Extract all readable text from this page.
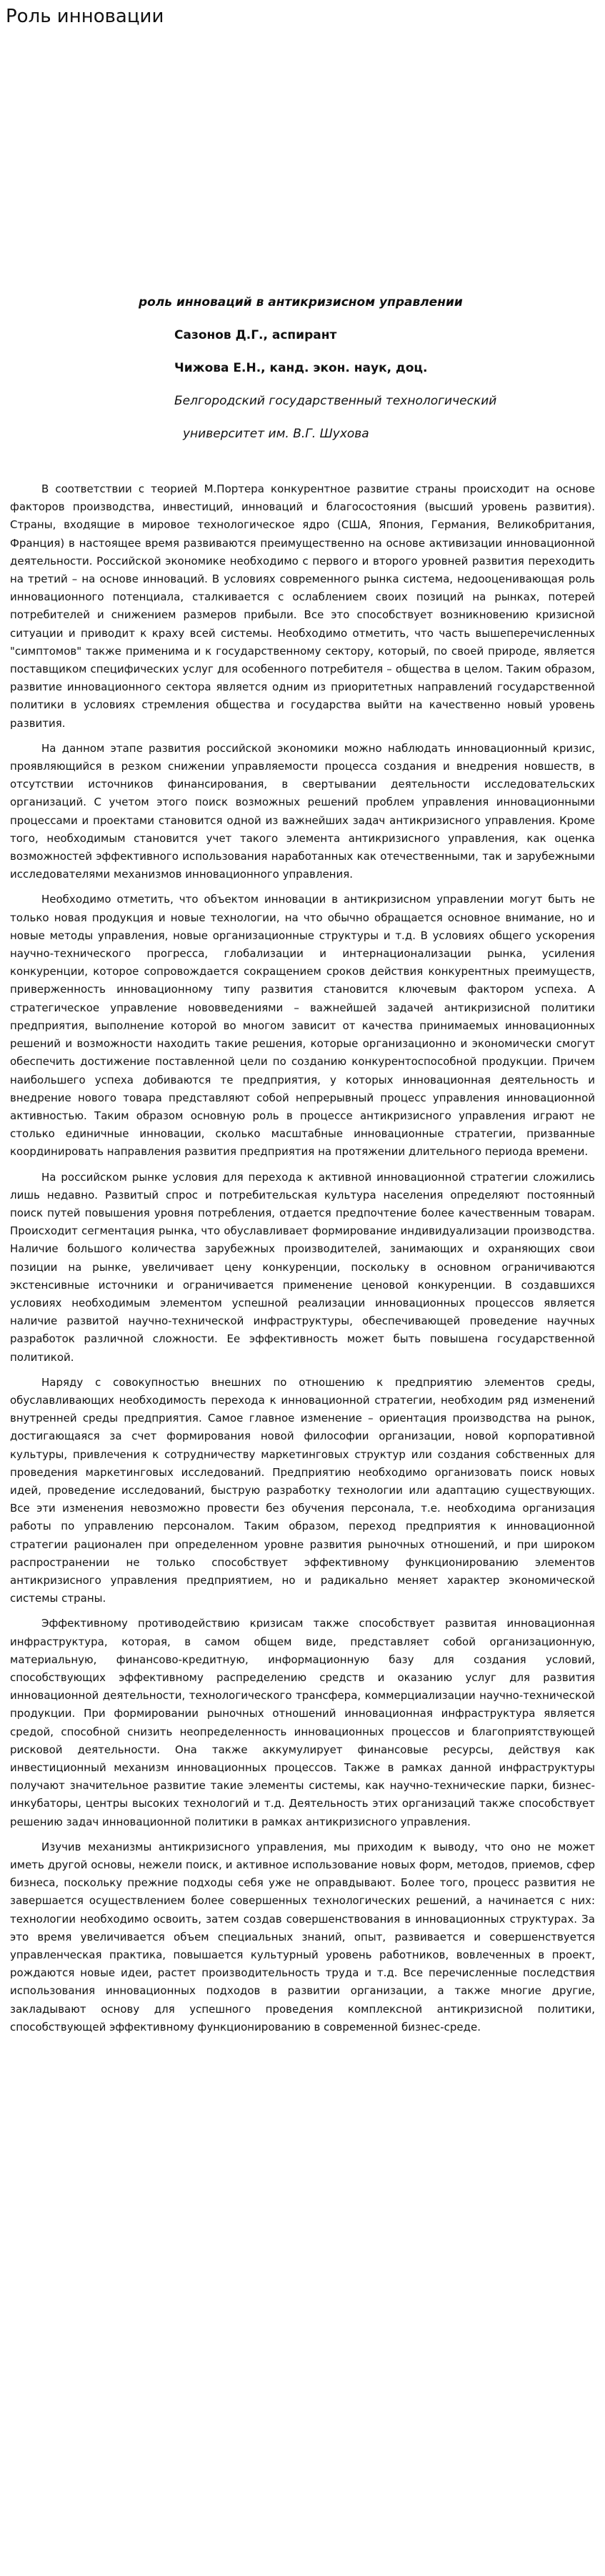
Роль инновации
роль инноваций в антикризисном управлении
Сазонов Д.Г., аспирант
Чижова Е.Н., канд. экон. наук, доц.
Белгородский государственный технологический
университет им. В.Г. Шухова

В соответствии с теорией М.Портера конкурентное развитие страны происходит на основе факторов производства, инвестиций, инноваций и благосостояния (высший уровень развития). Страны, входящие в мировое технологическое ядро (США, Япония, Германия, Великобритания, Франция) в настоящее время развиваются преимущественно на основе активизации инновационной деятельности. Российской экономике необходимо с первого и второго уровней развития переходить на третий – на основе инноваций. В условиях современного рынка система, недооценивающая роль инновационного потенциала, сталкивается с ослаблением своих позиций на рынках, потерей потребителей и снижением размеров прибыли. Все это способствует возникновению кризисной ситуации и приводит к краху всей системы. Необходимо отметить, что часть вышеперечисленных "симптомов" также применима и к государственному сектору, который, по своей природе, является поставщиком специфических услуг для особенного потребителя – общества в целом. Таким образом, развитие инновационного сектора является одним из приоритетных направлений государственной политики в условиях стремления общества и государства выйти на качественно новый уровень развития.

На данном этапе развития российской экономики можно наблюдать инновационный кризис, проявляющийся в резком снижении управляемости процесса создания и внедрения новшеств, в отсутствии источников финансирования, в свертывании деятельности исследовательских организаций. С учетом этого поиск возможных решений проблем управления инновационными процессами и проектами становится одной из важнейших задач антикризисного управления. Кроме того, необходимым становится учет такого элемента антикризисного управления, как оценка возможностей эффективного использования наработанных как отечественными, так и зарубежными исследователями механизмов инновационного управления.

Необходимо отметить, что объектом инновации в антикризисном управлении могут быть не только новая продукция и новые технологии, на что обычно обращается основное внимание, но и новые методы управления, новые организационные структуры и т.д. В условиях общего ускорения научно-технического прогресса, глобализации и интернационализации рынка, усиления конкуренции, которое сопровождается сокращением сроков действия конкурентных преимуществ, приверженность инновационному типу развития становится ключевым фактором успеха. А стратегическое управление нововведениями – важнейшей задачей антикризисной политики предприятия, выполнение которой во многом зависит от качества принимаемых инновационных решений и возможности находить такие решения, которые организационно и экономически смогут обеспечить достижение поставленной цели по созданию конкурентоспособной продукции. Причем наибольшего успеха добиваются те предприятия, у которых инновационная деятельность и внедрение нового товара представляют собой непрерывный процесс управления инновационной активностью. Таким образом основную роль в процессе антикризисного управления играют не столько единичные инновации, сколько масштабные инновационные стратегии, призванные координировать направления развития предприятия на протяжении длительного периода времени.

На российском рынке условия для перехода к активной инновационной стратегии сложились лишь недавно. Развитый спрос и потребительская культура населения определяют постоянный поиск путей повышения уровня потребления, отдается предпочтение более качественным товарам. Происходит сегментация рынка, что обуславливает формирование индивидуализации производства. Наличие большого количества зарубежных производителей, занимающих и охраняющих свои позиции на рынке, увеличивает цену конкуренции, поскольку в основном ограничиваются экстенсивные источники и ограничивается применение ценовой конкуренции. В создавшихся условиях необходимым элементом успешной реализации инновационных процессов является наличие развитой научно-технической инфраструктуры, обеспечивающей проведение научных разработок различной сложности. Ее эффективность может быть повышена государственной политикой.

Наряду с совокупностью внешних по отношению к предприятию элементов среды, обуславливающих необходимость перехода к инновационной стратегии, необходим ряд изменений внутренней среды предприятия. Самое главное изменение – ориентация производства на рынок, достигающаяся за счет формирования новой философии организации, новой корпоративной культуры, привлечения к сотрудничеству маркетинговых структур или создания собственных для проведения маркетинговых исследований. Предприятию необходимо организовать поиск новых идей, проведение исследований, быструю разработку технологии или адаптацию существующих. Все эти изменения невозможно провести без обучения персонала, т.е. необходима организация работы по управлению персоналом. Таким образом, переход предприятия к инновационной стратегии рационален при определенном уровне развития рыночных отношений, и при широком распространении не только способствует эффективному функционированию элементов антикризисного управления предприятием, но и радикально меняет характер экономической системы страны.

Эффективному противодействию кризисам также способствует развитая инновационная инфраструктура, которая, в самом общем виде, представляет собой организационную, материальную, финансово-кредитную, информационную базу для создания условий, способствующих эффективному распределению средств и оказанию услуг для развития инновационной деятельности, технологического трансфера, коммерциализации научно-технической продукции. При формировании рыночных отношений инновационная инфраструктура является средой, способной снизить неопределенность инновационных процессов и благоприятствующей рисковой деятельности. Она также аккумулирует финансовые ресурсы, действуя как инвестиционный механизм инновационных процессов. Также в рамках данной инфраструктуры получают значительное развитие такие элементы системы, как научно-технические парки, бизнес-инкубаторы, центры высоких технологий и т.д. Деятельность этих организаций также способствует решению задач инновационной политики в рамках антикризисного управления.

Изучив механизмы антикризисного управления, мы приходим к выводу, что оно не может иметь другой основы, нежели поиск, и активное использование новых форм, методов, приемов, сфер бизнеса, поскольку прежние подходы себя уже не оправдывают. Более того, процесс развития не завершается осуществлением более совершенных технологических решений, а начинается с них: технологии необходимо освоить, затем создав совершенствования в инновационных структурах. За это время увеличивается объем специальных знаний, опыт, развивается и совершенствуется управленческая практика, повышается культурный уровень работников, вовлеченных в проект, рождаются новые идеи, растет производительность труда и т.д. Все перечисленные последствия использования инновационных подходов в развитии организации, а также многие другие, закладывают основу для успешного проведения комплексной антикризисной политики, способствующей эффективному функционированию в современной бизнес-среде.
